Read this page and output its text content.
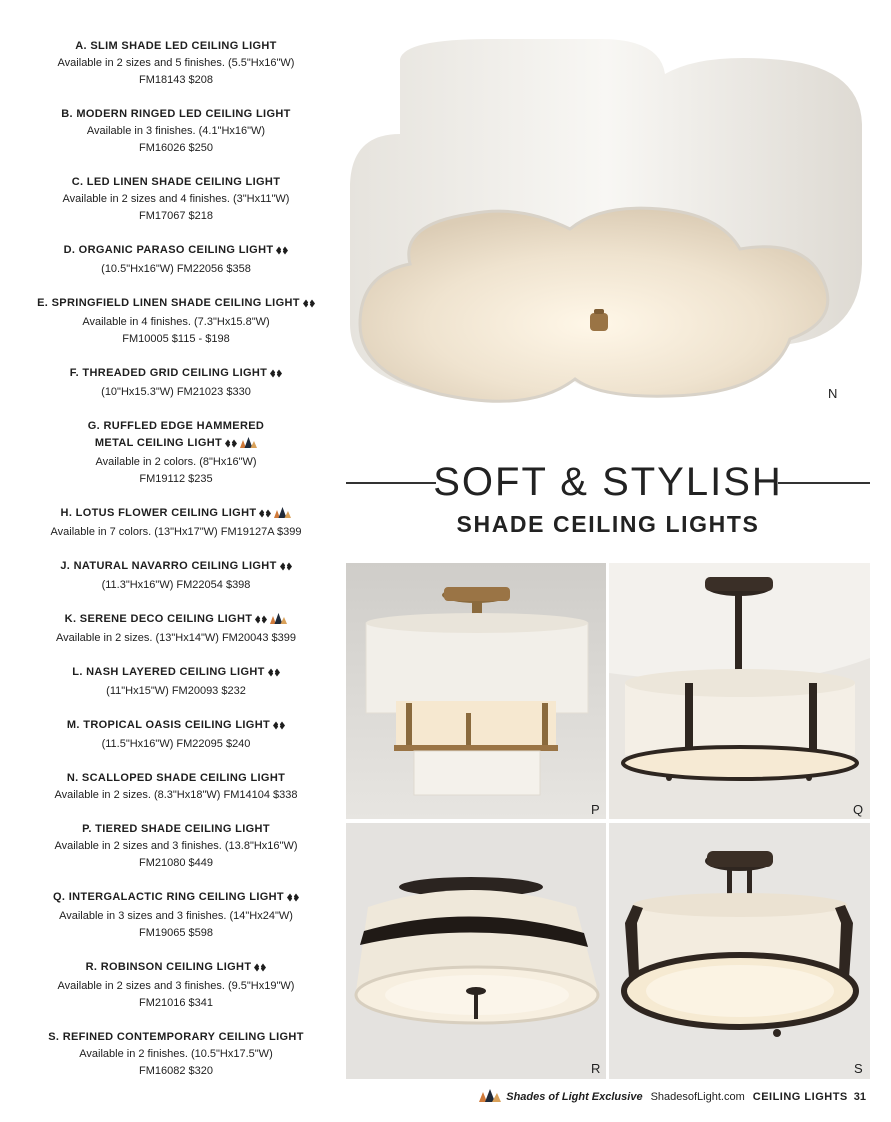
A. SLIM SHADE LED CEILING LIGHT
Available in 2 sizes and 5 finishes. (5.5"Hx16"W)
FM18143 $208
B. MODERN RINGED LED CEILING LIGHT
Available in 3 finishes. (4.1"Hx16"W)
FM16026 $250
C. LED LINEN SHADE CEILING LIGHT
Available in 2 sizes and 4 finishes. (3"Hx11"W)
FM17067 $218
D. ORGANIC PARASO CEILING LIGHT
(10.5"Hx16"W) FM22056 $358
E. SPRINGFIELD LINEN SHADE CEILING LIGHT
Available in 4 finishes. (7.3"Hx15.8"W)
FM10005 $115 - $198
F. THREADED GRID CEILING LIGHT
(10"Hx15.3"W) FM21023 $330
G. RUFFLED EDGE HAMMERED
METAL CEILING LIGHT
Available in 2 colors. (8"Hx16"W)
FM19112 $235
H. LOTUS FLOWER CEILING LIGHT
Available in 7 colors. (13"Hx17"W) FM19127A $399
J. NATURAL NAVARRO CEILING LIGHT
(11.3"Hx16"W) FM22054 $398
K. SERENE DECO CEILING LIGHT
Available in 2 sizes. (13"Hx14"W) FM20043 $399
L. NASH LAYERED CEILING LIGHT
(11"Hx15"W) FM20093 $232
M. TROPICAL OASIS CEILING LIGHT
(11.5"Hx16"W) FM22095 $240
N. SCALLOPED SHADE CEILING LIGHT
Available in 2 sizes. (8.3"Hx18"W) FM14104 $338
P. TIERED SHADE CEILING LIGHT
Available in 2 sizes and 3 finishes. (13.8"Hx16"W)
FM21080 $449
Q. INTERGALACTIC RING CEILING LIGHT
Available in 3 sizes and 3 finishes. (14"Hx24"W)
FM19065 $598
R. ROBINSON CEILING LIGHT
Available in 2 sizes and 3 finishes. (9.5"Hx19"W)
FM21016 $341
S. REFINED CONTEMPORARY CEILING LIGHT
Available in 2 finishes. (10.5"Hx17.5"W)
FM16082 $320
N
SOFT & STYLISH
SHADE CEILING LIGHTS
P	Q
R	S
Shades of Light Exclusive ShadesofLight.com CEILING LIGHTS 31
